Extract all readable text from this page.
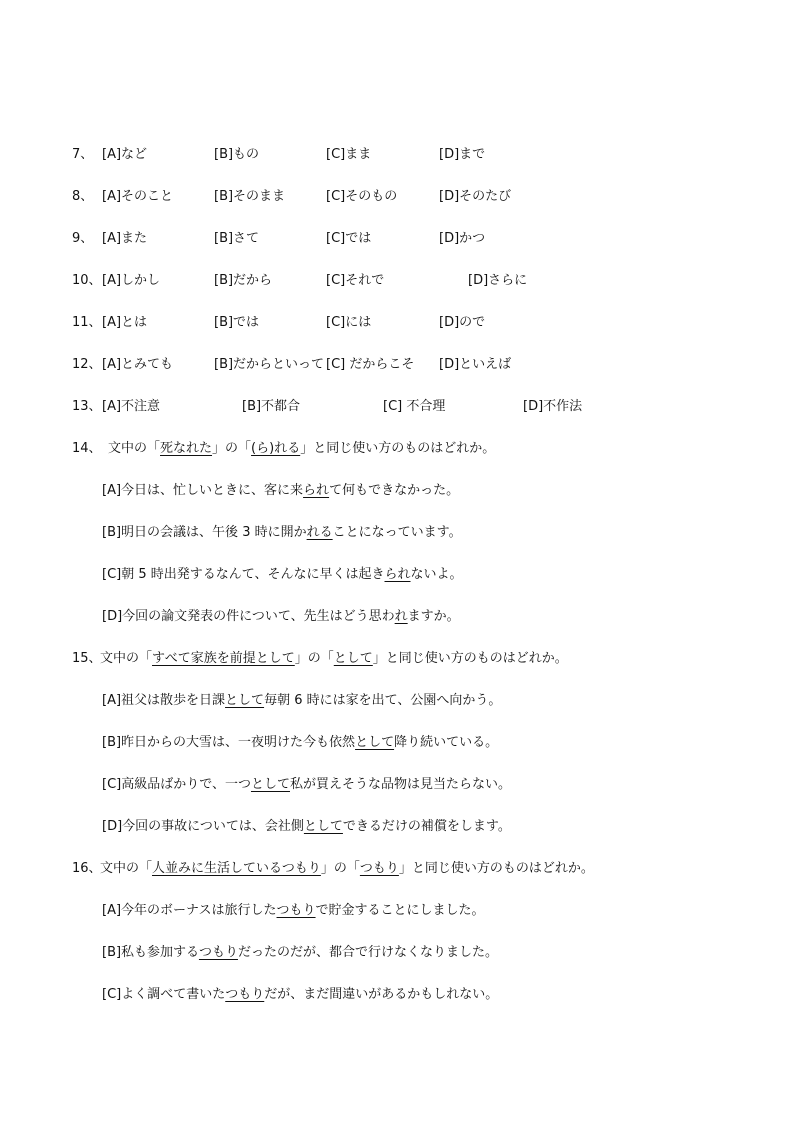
7、 [A]など	[B]もの	[C]まま	[D]まで
8、 [A]そのこと	[B]そのまま	[C]そのもの	[D]そのたび
9、 [A]また	[B]さて	[C]では	[D]かつ
10、 [A]しかし	[B]だから	[C]それで	[D]さらに
11、 [A]とは	[B]では	[C]には	[D]ので
12、 [A]とみても	[B]だからといって [C] だからこそ [D]といえば
13、 [A]不注意	[B]不都合	[C] 不合理	[D]不作法
14、 文中の「死なれた」の「(ら)れる」と同じ使い方のものはどれか。
[A]今日は、忙しいときに、客に来られて何もできなかった。
[B]明日の会議は、午後 3 時に開かれることになっています。
[C]朝 5 時出発するなんて、そんなに早くは起きられないよ。
[D]今回の論文発表の件について、先生はどう思われますか。
15、文中の「すべて家族を前提として」の「として」と同じ使い方のものはどれか。
[A]祖父は散歩を日課として毎朝 6 時には家を出て、公園へ向かう。
[B]昨日からの大雪は、一夜明けた今も依然として降り続いている。
[C]高級品ばかりで、一つとして私が買えそうな品物は見当たらない。
[D]今回の事故については、会社側としてできるだけの補償をします。
16、文中の「人並みに生活しているつもり」の「つもり」と同じ使い方のものはどれか。
[A]今年のボーナスは旅行したつもりで貯金することにしました。
[B]私も参加するつもりだったのだが、都合で行けなくなりました。
[C]よく調べて書いたつもりだが、まだ間違いがあるかもしれない。
